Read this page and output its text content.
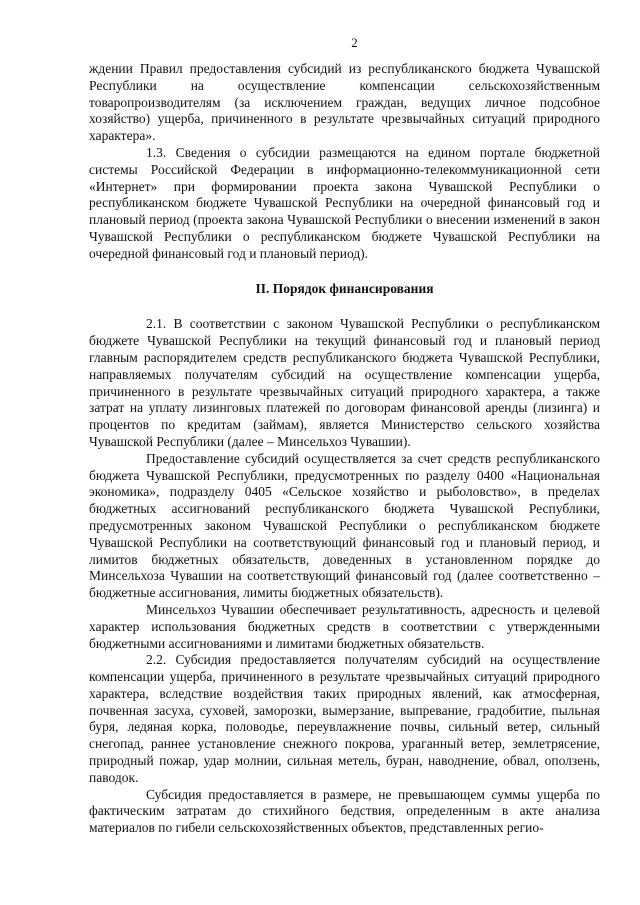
2

ждении Правил предоставления субсидий из республиканского бюджета Чувашской Республики на осуществление компенсации сельскохозяйственным товаропроизводителям (за исключением граждан, ведущих личное подсобное хозяйство) ущерба, причиненного в результате чрезвычайных ситуаций природного характера».

1.3. Сведения о субсидии размещаются на едином портале бюджетной системы Российской Федерации в информационно-телекоммуникационной сети «Интернет» при формировании проекта закона Чувашской Республики о республиканском бюджете Чувашской Республики на очередной финансовый год и плановый период (проекта закона Чувашской Республики о внесении изменений в закон Чувашской Республики о республиканском бюджете Чувашской Республики на очередной финансовый год и плановый период).

II. Порядок финансирования

2.1. В соответствии с законом Чувашской Республики о республиканском бюджете Чувашской Республики на текущий финансовый год и плановый период главным распорядителем средств республиканского бюджета Чувашской Республики, направляемых получателям субсидий на осуществление компенсации ущерба, причиненного в результате чрезвычайных ситуаций природного характера, а также затрат на уплату лизинговых платежей по договорам финансовой аренды (лизинга) и процентов по кредитам (займам), является Министерство сельского хозяйства Чувашской Республики (далее – Минсельхоз Чувашии).

Предоставление субсидий осуществляется за счет средств республиканского бюджета Чувашской Республики, предусмотренных по разделу 0400 «Национальная экономика», подразделу 0405 «Сельское хозяйство и рыболовство», в пределах бюджетных ассигнований республиканского бюджета Чувашской Республики, предусмотренных законом Чувашской Республики о республиканском бюджете Чувашской Республики на соответствующий финансовый год и плановый период, и лимитов бюджетных обязательств, доведенных в установленном порядке до Минсельхоза Чувашии на соответствующий финансовый год (далее соответственно – бюджетные ассигнования, лимиты бюджетных обязательств).

Минсельхоз Чувашии обеспечивает результативность, адресность и целевой характер использования бюджетных средств в соответствии с утвержденными бюджетными ассигнованиями и лимитами бюджетных обязательств.

2.2. Субсидия предоставляется получателям субсидий на осуществление компенсации ущерба, причиненного в результате чрезвычайных ситуаций природного характера, вследствие воздействия таких природных явлений, как атмосферная, почвенная засуха, суховей, заморозки, вымерзание, выпревание, градобитие, пыльная буря, ледяная корка, половодье, переувлажнение почвы, сильный ветер, сильный снегопад, раннее установление снежного покрова, ураганный ветер, землетрясение, природный пожар, удар молнии, сильная метель, буран, наводнение, обвал, оползень, паводок.

Субсидия предоставляется в размере, не превышающем суммы ущерба по фактическим затратам до стихийного бедствия, определенным в акте анализа материалов по гибели сельскохозяйственных объектов, представленных регио-
